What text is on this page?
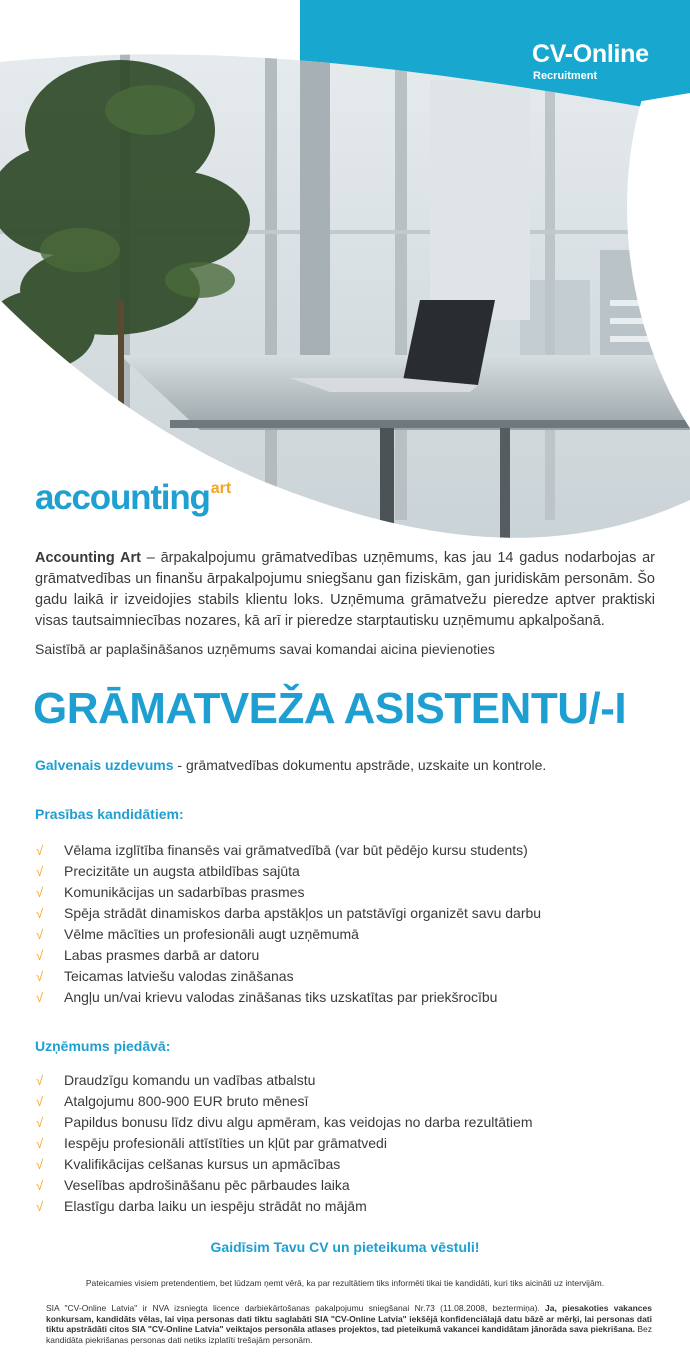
CV-Online
Recruitment
accountingart

Accounting Art – ārpakalpojumu grāmatvedības uzņēmums, kas jau 14 gadus nodarbojas ar grāmatvedības un finanšu ārpakalpojumu sniegšanu gan fiziskām, gan juridiskām personām. Šo gadu laikā ir izveidojies stabils klientu loks. Uzņēmuma grāmatvežu pieredze aptver praktiski visas tautsaimniecības nozares, kā arī ir pieredze starptautisku uzņēmumu apkalpošanā.

Saistībā ar paplašināšanos uzņēmums savai komandai aicina pievienoties

GRĀMATVEŽA ASISTENTU/-I

Galvenais uzdevums - grāmatvedības dokumentu apstrāde, uzskaite un kontrole.

Prasības kandidātiem:
√ Vēlama izglītība finansēs vai grāmatvedībā (var būt pēdējo kursu students)
√ Precizitāte un augsta atbildības sajūta
√ Komunikācijas un sadarbības prasmes
√ Spēja strādāt dinamiskos darba apstākļos un patstāvīgi organizēt savu darbu
√ Vēlme mācīties un profesionāli augt uzņēmumā
√ Labas prasmes darbā ar datoru
√ Teicamas latviešu valodas zināšanas
√ Angļu un/vai krievu valodas zināšanas tiks uzskatītas par priekšrocību
Uzņēmums piedāvā:
√ Draudzīgu komandu un vadības atbalstu
√ Atalgojumu 800-900 EUR bruto mēnesī
√ Papildus bonusu līdz divu algu apmēram, kas veidojas no darba rezultātiem
√ Iespēju profesionāli attīstīties un kļūt par grāmatvedi
√ Kvalifikācijas celšanas kursus un apmācības
√ Veselības apdrošināšanu pēc pārbaudes laika
√ Elastīgu darba laiku un iespēju strādāt no mājām

Gaidīsim Tavu CV un pieteikuma vēstuli!

Pateicamies visiem pretendentiem, bet lūdzam ņemt vērā, ka par rezultātiem tiks informēti tikai tie kandidāti, kuri tiks aicināti uz intervijām.

SIA "CV-Online Latvia" ir NVA izsniegta licence darbiekārtošanas pakalpojumu sniegšanai Nr.73 (11.08.2008, beztermiņa). Ja, piesakoties vakances konkursam, kandidāts vēlas, lai viņa personas dati tiktu saglabāti SIA "CV-Online Latvia" iekšējā konfidenciālajā datu bāzē ar mērķi, lai personas dati tiktu apstrādāti citos SIA "CV-Online Latvia" veiktajos personāla atlases projektos, tad pieteikumā vakancei kandidātam jānorāda sava piekrišana. Bez kandidāta piekrišanas personas dati netiks izplatīti trešajām personām.
